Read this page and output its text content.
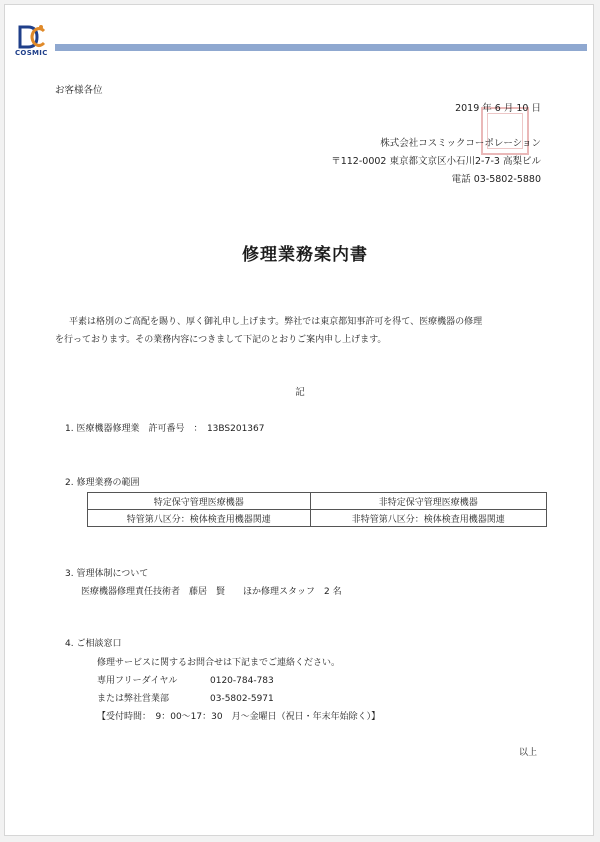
COSMIC
お客様各位
2019 年 6 月 10 日
株式会社コスミックコーポレーション
〒112-0002 東京都文京区小石川2-7-3 高梨ビル
電話 03-5802-5880
修理業務案内書
平素は格別のご高配を賜り、厚く御礼申し上げます。弊社では東京都知事許可を得て、医療機器の修理
を行っております。その業務内容につきまして下記のとおりご案内申し上げます。
記
1. 医療機器修理業　許可番号　：　13BS201367
2. 修理業務の範囲
特定保守管理医療機器	非特定保守管理医療機器
特管第八区分：検体検査用機器関連	非特管第八区分：検体検査用機器関連
3. 管理体制について
医療機器修理責任技術者　藤居　賢　　ほか修理スタッフ　2 名
4. ご相談窓口
修理サービスに関するお問合せは下記までご連絡ください。
専用フリーダイヤル	0120-784-783
または弊社営業部	03-5802-5971
【受付時間：　9：00～17：30　月～金曜日（祝日・年末年始除く）】
以上
